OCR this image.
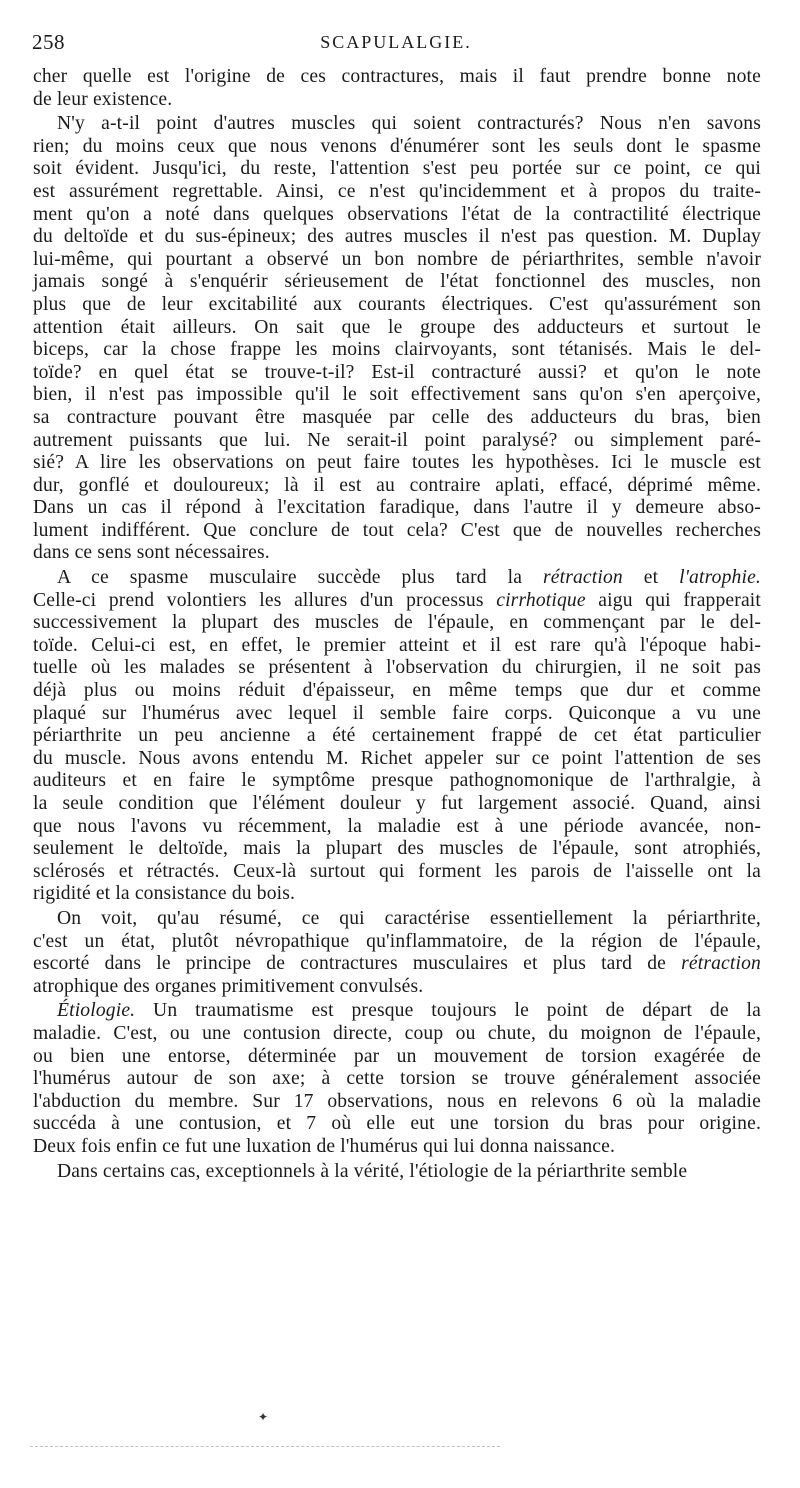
258	SCAPULALGIE.
cher quelle est l'origine de ces contractures, mais il faut prendre bonne note
de leur existence.
N'y a-t-il point d'autres muscles qui soient contracturés? Nous n'en savons
rien; du moins ceux que nous venons d'énumérer sont les seuls dont le spasme
soit évident. Jusqu'ici, du reste, l'attention s'est peu portée sur ce point, ce qui
est assurément regrettable. Ainsi, ce n'est qu'incidemment et à propos du traite-
ment qu'on a noté dans quelques observations l'état de la contractilité électrique
du deltoïde et du sus-épineux; des autres muscles il n'est pas question. M. Duplay
lui-même, qui pourtant a observé un bon nombre de périarthrites, semble n'avoir
jamais songé à s'enquérir sérieusement de l'état fonctionnel des muscles, non
plus que de leur excitabilité aux courants électriques. C'est qu'assurément son
attention était ailleurs. On sait que le groupe des adducteurs et surtout le
biceps, car la chose frappe les moins clairvoyants, sont tétanisés. Mais le del-
toïde? en quel état se trouve-t-il? Est-il contracturé aussi? et qu'on le note
bien, il n'est pas impossible qu'il le soit effectivement sans qu'on s'en aperçoive,
sa contracture pouvant être masquée par celle des adducteurs du bras, bien
autrement puissants que lui. Ne serait-il point paralysé? ou simplement paré-
sié? A lire les observations on peut faire toutes les hypothèses. Ici le muscle est
dur, gonflé et douloureux; là il est au contraire aplati, effacé, déprimé même.
Dans un cas il répond à l'excitation faradique, dans l'autre il y demeure abso-
lument indifférent. Que conclure de tout cela? C'est que de nouvelles recherches
dans ce sens sont nécessaires.
A ce spasme musculaire succède plus tard la rétraction et l'atrophie.
Celle-ci prend volontiers les allures d'un processus cirrhotique aigu qui frapperait
successivement la plupart des muscles de l'épaule, en commençant par le del-
toïde. Celui-ci est, en effet, le premier atteint et il est rare qu'à l'époque habi-
tuelle où les malades se présentent à l'observation du chirurgien, il ne soit pas
déjà plus ou moins réduit d'épaisseur, en même temps que dur et comme
plaqué sur l'humérus avec lequel il semble faire corps. Quiconque a vu une
périarthrite un peu ancienne a été certainement frappé de cet état particulier
du muscle. Nous avons entendu M. Richet appeler sur ce point l'attention de ses
auditeurs et en faire le symptôme presque pathognomonique de l'arthralgie, à
la seule condition que l'élément douleur y fut largement associé. Quand, ainsi
que nous l'avons vu récemment, la maladie est à une période avancée, non-
seulement le deltoïde, mais la plupart des muscles de l'épaule, sont atrophiés,
sclérosés et rétractés. Ceux-là surtout qui forment les parois de l'aisselle ont la
rigidité et la consistance du bois.
On voit, qu'au résumé, ce qui caractérise essentiellement la périarthrite,
c'est un état, plutôt névropathique qu'inflammatoire, de la région de l'épaule,
escorté dans le principe de contractures musculaires et plus tard de rétraction
atrophique des organes primitivement convulsés.
Étiologie. Un traumatisme est presque toujours le point de départ de la
maladie. C'est, ou une contusion directe, coup ou chute, du moignon de l'épaule,
ou bien une entorse, déterminée par un mouvement de torsion exagérée de
l'humérus autour de son axe; à cette torsion se trouve généralement associée
l'abduction du membre. Sur 17 observations, nous en relevons 6 où la maladie
succéda à une contusion, et 7 où elle eut une torsion du bras pour origine.
Deux fois enfin ce fut une luxation de l'humérus qui lui donna naissance.
Dans certains cas, exceptionnels à la vérité, l'étiologie de la périarthrite semble
✦
